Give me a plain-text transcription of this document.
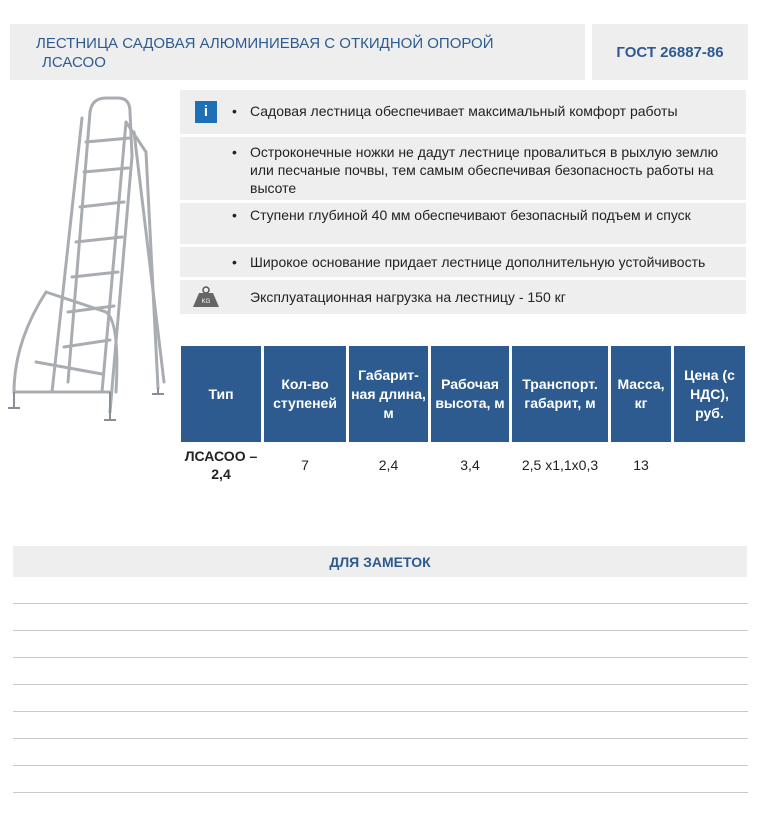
ЛЕСТНИЦА САДОВАЯ АЛЮМИНИЕВАЯ С ОТКИДНОЙ ОПОРОЙ
ЛСАСОО
ГОСТ 26887-86
i	• Садовая лестница обеспечивает максимальный комфорт работы
• Остроконечные ножки не дадут лестнице провалиться в рыхлую землю или песчаные почвы, тем самым обеспечивая безопасность работы на высоте
• Ступени глубиной 40 мм обеспечивают безопасный подъем и спуск
• Широкое основание придает лестнице дополнительную устойчивость
KG	Эксплуатационная нагрузка на лестницу - 150 кг
Тип	Кол-во ступеней	Габарит-ная длина, м	Рабочая высота, м	Транспорт. габарит, м	Масса, кг	Цена (с НДС), руб.
ЛСАСОО – 2,4	7	2,4	3,4	2,5 х1,1х0,3	13	
ДЛЯ ЗАМЕТОК
